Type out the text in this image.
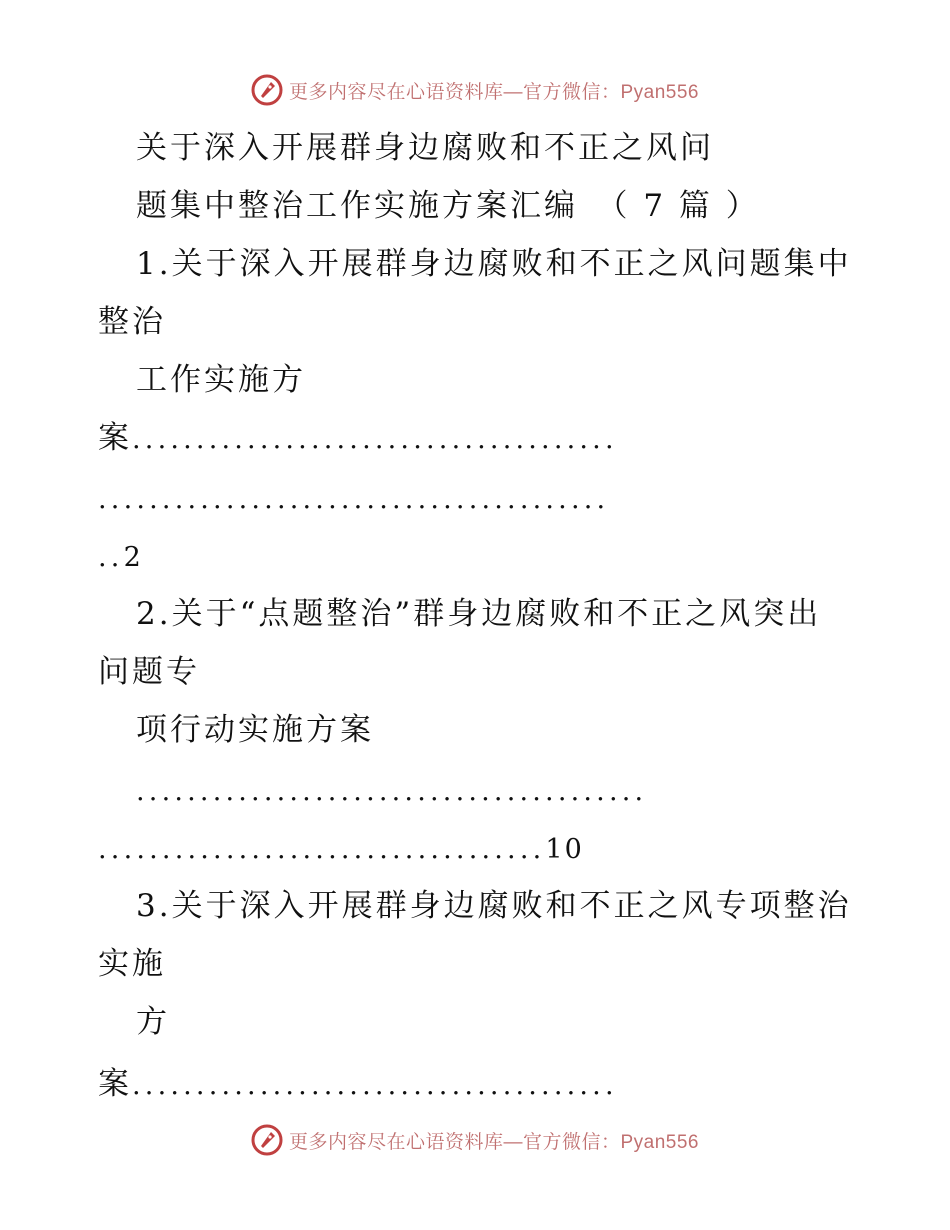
更多内容尽在心语资料库—官方微信：Pyan556
关于深入开展群身边腐败和不正之风问
题集中整治工作实施方案汇编　（ 7 篇 ）
1.关于深入开展群身边腐败和不正之风问题集中
整治
工作实施方
案......................................
........................................
..2
2.关于“点题整治”群身边腐败和不正之风突出
问题专
项行动实施方案
........................................
...................................10
3.关于深入开展群身边腐败和不正之风专项整治
实施
方
案......................................
更多内容尽在心语资料库—官方微信：Pyan556
